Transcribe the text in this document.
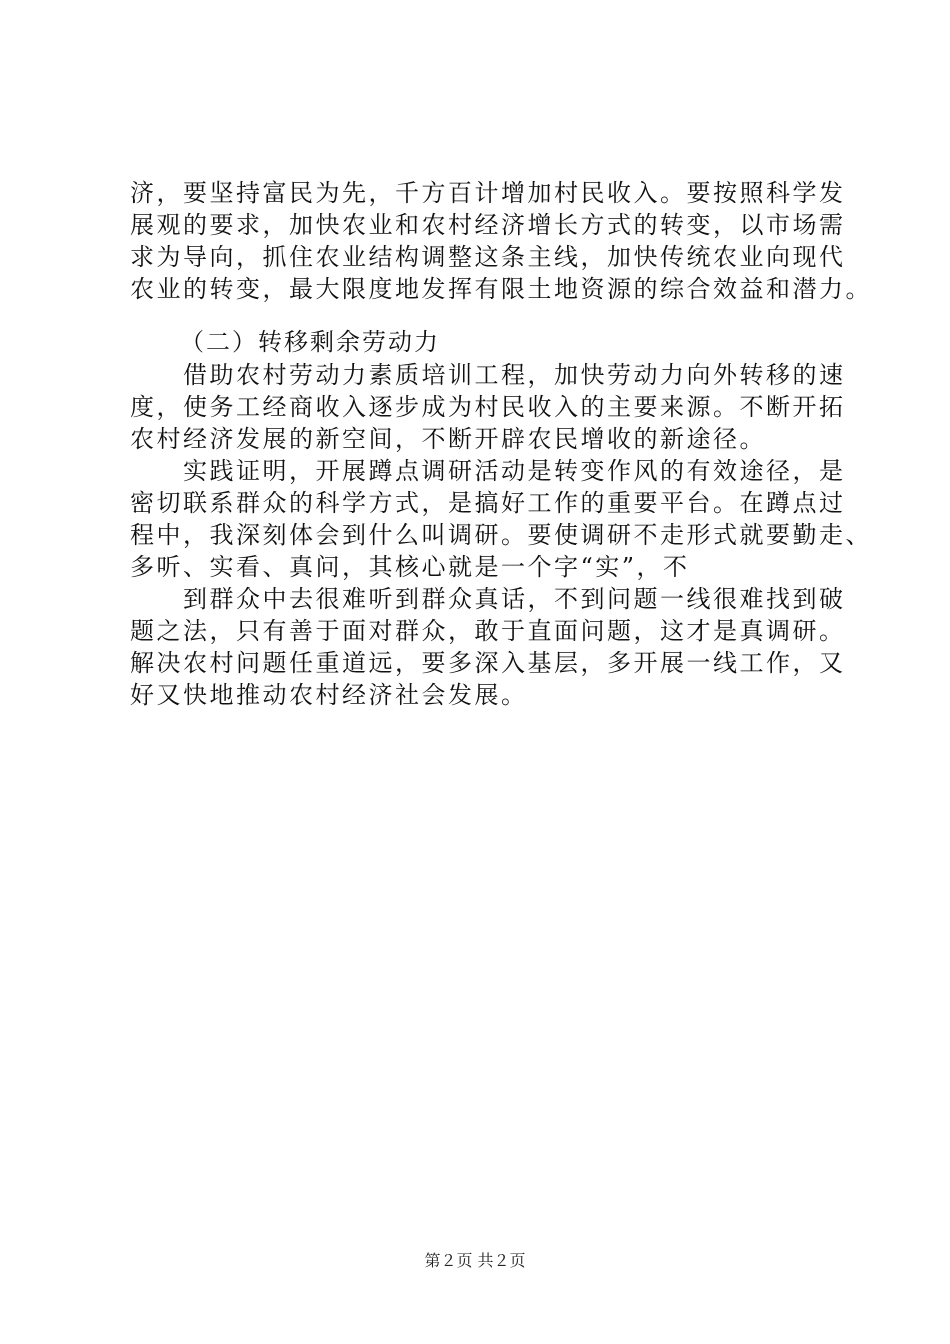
济，要坚持富民为先，千方百计增加村民收入。要按照科学发
展观的要求，加快农业和农村经济增长方式的转变，以市场需
求为导向，抓住农业结构调整这条主线，加快传统农业向现代
农业的转变，最大限度地发挥有限土地资源的综合效益和潜力。
（二）转移剩余劳动力
　　借助农村劳动力素质培训工程，加快劳动力向外转移的速
度，使务工经商收入逐步成为村民收入的主要来源。不断开拓
农村经济发展的新空间，不断开辟农民增收的新途径。
　　实践证明，开展蹲点调研活动是转变作风的有效途径，是
密切联系群众的科学方式，是搞好工作的重要平台。在蹲点过
程中，我深刻体会到什么叫调研。要使调研不走形式就要勤走、
多听、实看、真问，其核心就是一个字“实”，不
　　到群众中去很难听到群众真话，不到问题一线很难找到破
题之法，只有善于面对群众，敢于直面问题，这才是真调研。
解决农村问题任重道远，要多深入基层，多开展一线工作，又
好又快地推动农村经济社会发展。
第２页 共２页
